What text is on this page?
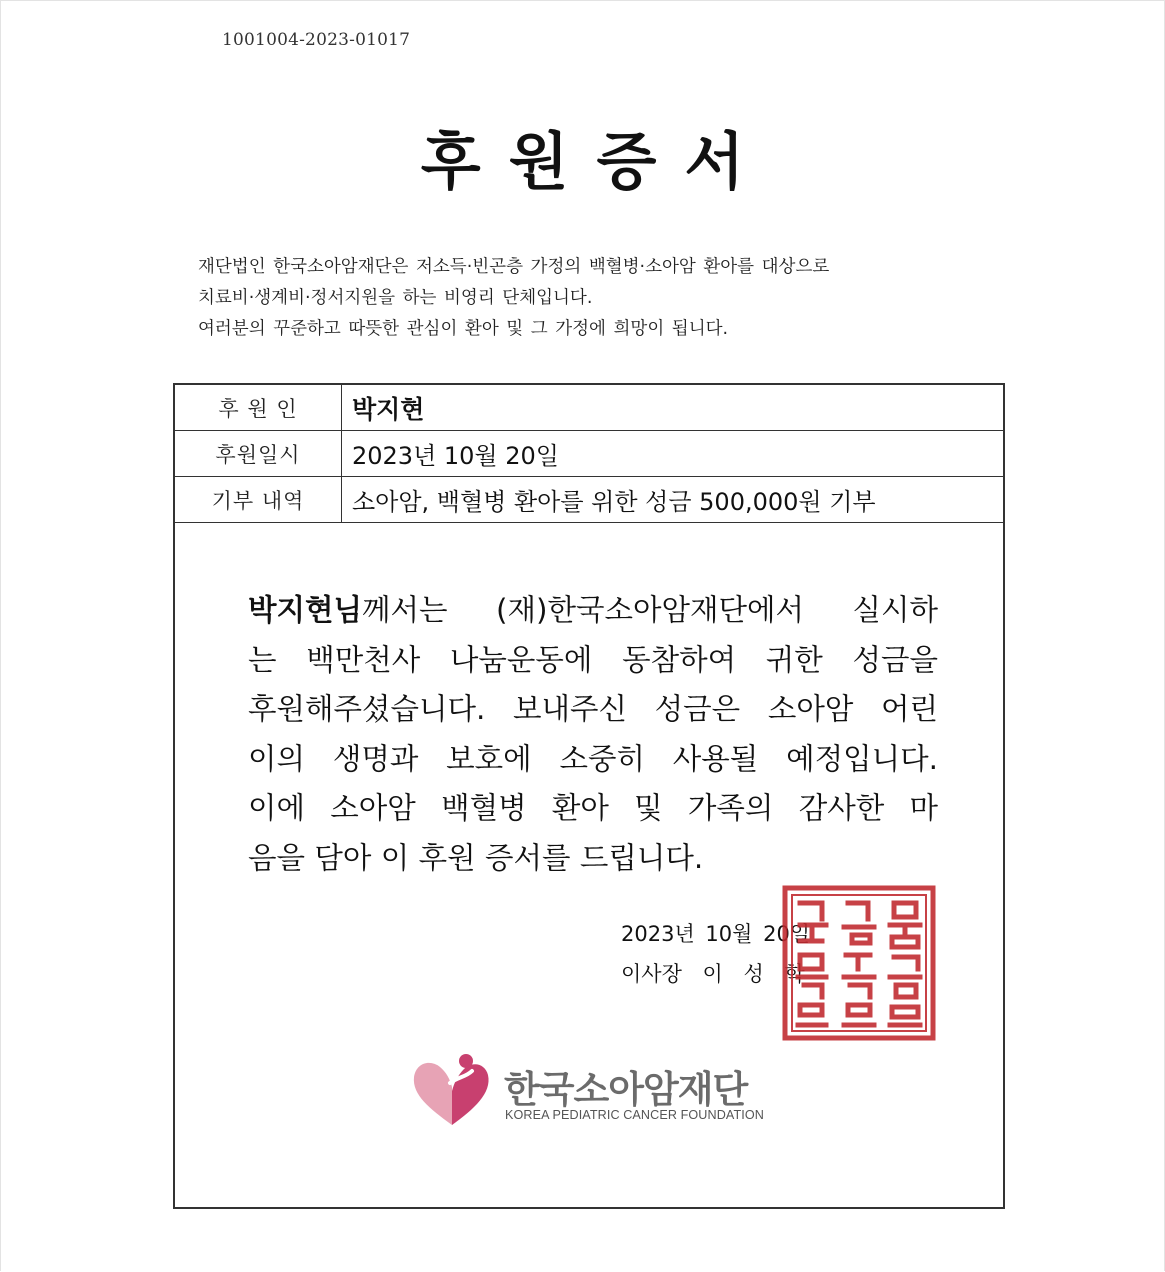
1001004-2023-01017
후 원 증 서
재단법인 한국소아암재단은 저소득·빈곤층 가정의 백혈병·소아암 환아를 대상으로
치료비·생계비·정서지원을 하는 비영리 단체입니다.
여러분의 꾸준하고 따뜻한 관심이 환아 및 그 가정에 희망이 됩니다.
후 원 인	박지현
후원일시	2023년 10월 20일
기부 내역	소아암, 백혈병 환아를 위한 성금 500,000원 기부
박지현님께서는 (재)한국소아암재단에서 실시하
는 백만천사 나눔운동에 동참하여 귀한 성금을
후원해주셨습니다. 보내주신 성금은 소아암 어린
이의 생명과 보호에 소중히 사용될 예정입니다.
이에 소아암 백혈병 환아 및 가족의 감사한 마
음을 담아 이 후원 증서를 드립니다.
2023년 10월 20일
이사장 이 성 학
한국소아암재단
KOREA PEDIATRIC CANCER FOUNDATION
